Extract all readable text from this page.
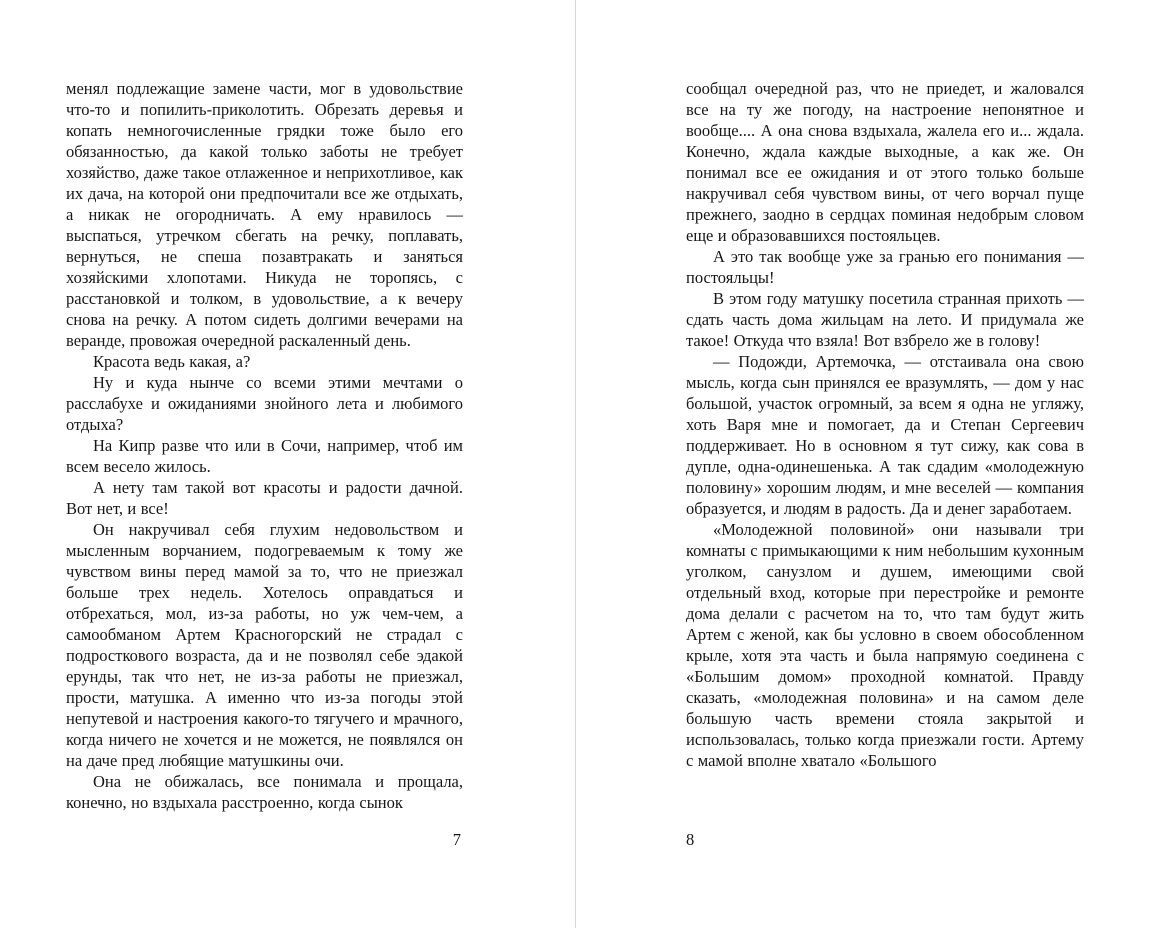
менял подлежащие замене части, мог в удовольствие что-то и попилить-приколотить. Обрезать деревья и копать немногочисленные грядки тоже было его обязанностью, да какой только заботы не требует хозяйство, даже такое отлаженное и неприхотливое, как их дача, на которой они предпочитали все же отдыхать, а никак не огородничать. А ему нравилось — выспаться, утречком сбегать на речку, поплавать, вернуться, не спеша позавтракать и заняться хозяйскими хлопотами. Никуда не торопясь, с расстановкой и толком, в удовольствие, а к вечеру снова на речку. А потом сидеть долгими вечерами на веранде, провожая очередной раскаленный день.

Красота ведь какая, а?

Ну и куда нынче со всеми этими мечтами о расслабухе и ожиданиями знойного лета и любимого отдыха?

На Кипр разве что или в Сочи, например, чтоб им всем весело жилось.

А нету там такой вот красоты и радости дачной. Вот нет, и все!

Он накручивал себя глухим недовольством и мысленным ворчанием, подогреваемым к тому же чувством вины перед мамой за то, что не приезжал больше трех недель. Хотелось оправдаться и отбрехаться, мол, из-за работы, но уж чем-чем, а самообманом Артем Красногорский не страдал с подросткового возраста, да и не позволял себе эдакой ерунды, так что нет, не из-за работы не приезжал, прости, матушка. А именно что из-за погоды этой непутевой и настроения какого-то тягучего и мрачного, когда ничего не хочется и не можется, не появлялся он на даче пред любящие матушкины очи.

Она не обижалась, все понимала и прощала, конечно, но вздыхала расстроенно, когда сынок

7

сообщал очередной раз, что не приедет, и жаловался все на ту же погоду, на настроение непонятное и вообще.... А она снова вздыхала, жалела его и... ждала. Конечно, ждала каждые выходные, а как же. Он понимал все ее ожидания и от этого только больше накручивал себя чувством вины, от чего ворчал пуще прежнего, заодно в сердцах поминая недобрым словом еще и образовавшихся постояльцев.

А это так вообще уже за гранью его понимания — постояльцы!

В этом году матушку посетила странная прихоть — сдать часть дома жильцам на лето. И придумала же такое! Откуда что взяла! Вот взбрело же в голову!

— Подожди, Артемочка, — отстаивала она свою мысль, когда сын принялся ее вразумлять, — дом у нас большой, участок огромный, за всем я одна не угляжу, хоть Варя мне и помогает, да и Степан Сергеевич поддерживает. Но в основном я тут сижу, как сова в дупле, одна-одинешенька. А так сдадим «молодежную половину» хорошим людям, и мне веселей — компания образуется, и людям в радость. Да и денег заработаем.

«Молодежной половиной» они называли три комнаты с примыкающими к ним небольшим кухонным уголком, санузлом и душем, имеющими свой отдельный вход, которые при перестройке и ремонте дома делали с расчетом на то, что там будут жить Артем с женой, как бы условно в своем обособленном крыле, хотя эта часть и была напрямую соединена с «Большим домом» проходной комнатой. Правду сказать, «молодежная половина» и на самом деле большую часть времени стояла закрытой и использовалась, только когда приезжали гости. Артему с мамой вполне хватало «Большого

8
